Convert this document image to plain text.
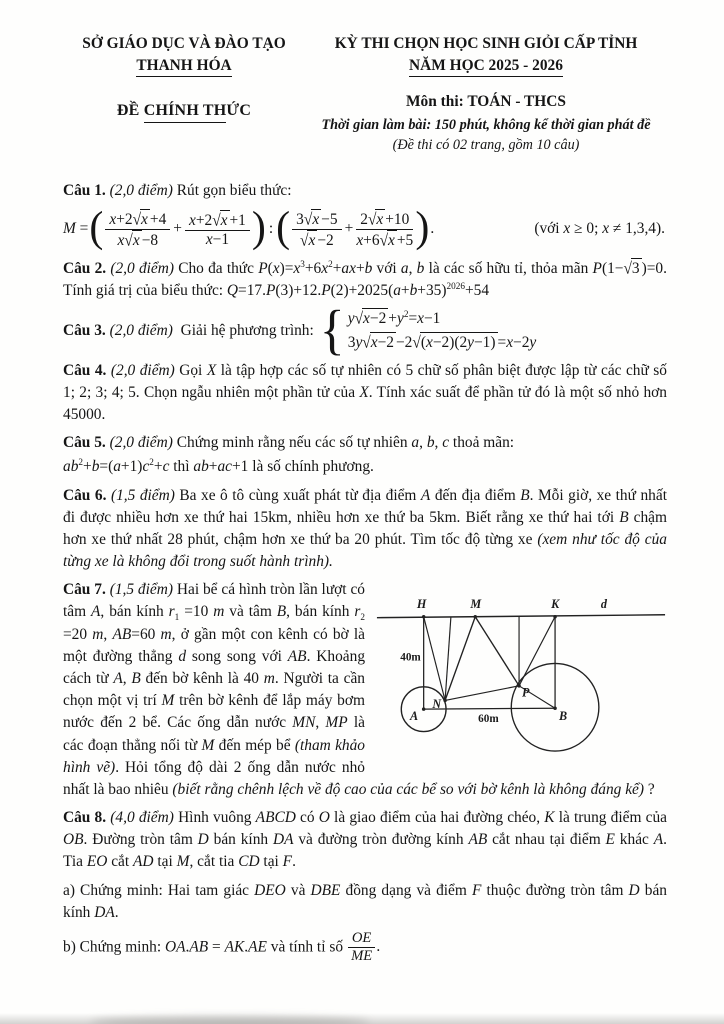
SỞ GIÁO DỤC VÀ ĐÀO TẠO
THANH HÓA
ĐỀ CHÍNH THỨC
KỲ THI CHỌN HỌC SINH GIỎI CẤP TỈNH
NĂM HỌC 2025 - 2026
Môn thi: TOÁN - THCS
Thời gian làm bài: 150 phút, không kể thời gian phát đề
(Đề thi có 02 trang, gồm 10 câu)

Câu 1. (2,0 điểm) Rút gọn biểu thức:

M = ( $\frac{x+2√x +4}{x√x -8} + \frac{x+2√x +1}{x-1}$ ) : ( $\frac{3√x -5}{√x -2} + \frac{2√x +10}{x+6√x +5}$ ) .	(với x ≥ 0; x ≠ 1,3,4).

Câu 2. (2,0 điểm) Cho đa thức $P(x)=x^3+6x^2+ax+b$ với a, b là các số hữu tỉ, thỏa mãn P(1−√3 )=0. Tính giá trị của biểu thức: $Q=17.P(3)+12.P(2)+2025(a+b+35)^{2026}+54$

Câu 3. (2,0 điểm) Giải hệ phương trình: { $y√x-2 +y^2=x-1$
3y√x−2 −2√(x−2)(2y−1) =x−2y

Câu 4. (2,0 điểm) Gọi X là tập hợp các số tự nhiên có 5 chữ số phân biệt được lập từ các chữ số 1; 2; 3; 4; 5. Chọn ngẫu nhiên một phần tử của X. Tính xác suất để phần tử đó là một số nhỏ hơn 45000.

Câu 5. (2,0 điểm) Chứng minh rằng nếu các số tự nhiên a, b, c thoả mãn:

$ab^2+b=(a+1)c^2+c$ thì ab+ac+1 là số chính phương.

Câu 6. (1,5 điểm) Ba xe ô tô cùng xuất phát từ địa điểm A đến địa điểm B. Mỗi giờ, xe thứ nhất đi được nhiều hơn xe thứ hai 15km, nhiều hơn xe thứ ba 5km. Biết rằng xe thứ hai tới B chậm hơn xe thứ nhất 28 phút, chậm hơn xe thứ ba 20 phút. Tìm tốc độ từng xe (xem như tốc độ của từng xe là không đổi trong suốt hành trình).

H	M	K	d
A	B
N
P
40m
60m

Câu 7. (1,5 điểm) Hai bể cá hình tròn lần lượt có tâm A, bán kính $r_1 =10$ m và tâm B, bán kính $r_2 =20$ m, AB=60 m, ở gần một con kênh có bờ là một đường thẳng d song song với AB. Khoảng cách từ A, B đến bờ kênh là 40 m. Người ta cần chọn một vị trí M trên bờ kênh để lắp máy bơm nước đến 2 bể. Các ống dẫn nước MN, MP là các đoạn thẳng nối từ M đến mép bể (tham khảo hình vẽ). Hỏi tổng độ dài 2 ống dẫn nước nhỏ nhất là bao nhiêu (biết rằng chênh lệch về độ cao của các bể so với bờ kênh là không đáng kể) ?

Câu 8. (4,0 điểm) Hình vuông ABCD có O là giao điểm của hai đường chéo, K là trung điểm của OB. Đường tròn tâm D bán kính DA và đường tròn đường kính AB cắt nhau tại điểm E khác A. Tia EO cắt AD tại M, cắt tia CD tại F.

a) Chứng minh: Hai tam giác DEO và DBE đồng dạng và điểm F thuộc đường tròn tâm D bán kính DA.

b) Chứng minh: OA.AB = AK.AE và tính tỉ số $\frac{OE}{ME}$ .
